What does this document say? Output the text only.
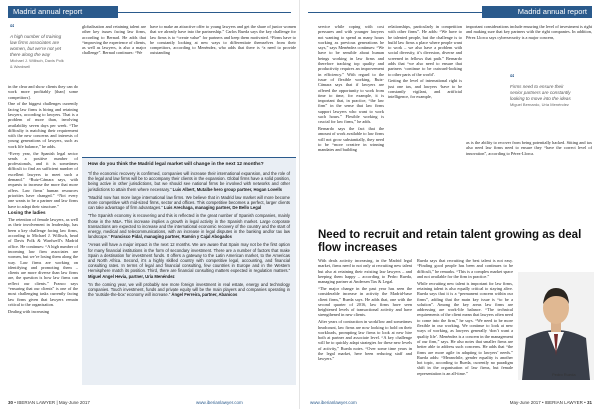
Madrid annual report
“
A high number of training law firms associates are women, but we’re not yet there along the way
Michael J. Willisch, Davis Polk & Wardwell

in the clear and show clients they can do work more profitably [than] some competitors].

One of the biggest challenges currently facing law firms is hiring and retaining lawyers, according to lawyers. That is a problem of more than, involving availability seven days per week. “The difficulty is matching their requirement with the new concerns and interests of young generations of lawyers, such as work life balance,” he adds.

“Every year, the Spanish legal sector sends a positive number of professionals, and it is sometimes difficult to find an sufficient number of excellent lawyers to meet such a demand.” “Ruiz-Cámara says, with requests to increase the more that more offers. Law firms’ human resources priorities have changed.” “Not every one wants to be a partner and law firms have to adapt their structure.”

Losing the ladies

The retention of female lawyers, as well as their involvement in leadership, has been a key challenge facing law firms, according to Michael J. Willisch, head of Davis Polk & Wardwell’s Madrid office. He continues: “A high number of incoming law firm associates are women, but we’re losing them along the way. Law firms are working on identifying and promoting them – clients are more diverse than law firms are, the question is how law firms can reflect our clients.” Franco says “ensuring that our clients” is one of the most challenging tasks currently facing law firms given that lawyers remain critical to the organisation.

Dealing with increasing

globalisation and retaining talent are other key issues facing law firms, according to Bernad. He adds that “improving the experience of clients, as well as lawyers, is also a major challenge”. Bernad continues: “We

have to make an attractive offer to young lawyers and get the share of junior women that we already have into the partnership.” Carlos Rueda says the key challenge for law firms is to “create value” for partners and keep them motivated. “Firms have to be constantly looking at new ways to differentiate themselves from their competitors, according to Menéndez, who adds that there is “a need to provide outstanding

How do you think the Madrid legal market will change in the next 12 months?

“If the economic recovery is confirmed, companies will increase their international expansion, and the role of the legal and law firms will be to accompany their clients in the expansion. Global firms have a solid position, being active in other jurisdictions, but we should see national firms be involved with networks and other jurisdictions to attain them where necessary.” Luis Albert, Mutalbe hero group partner, Hogan Lovells

“Madrid now has more large international law firms. We believe that in Madrid law market will more become more competitive with mid-sized firms, sector and offices. This competitive becomes a perfect, larger clients can take advantage of firm advantages.” Luis Arechaga, managing partner, De Bello Legal

“The Spanish economy is recovering and this is reflected in the great number of Spanish companies, mainly those in the M&A. This increase implies a growth in legal activity in the Spanish market. Large corporate transactions are expected to increase and the international economic recovery of the country and the start of energy, medical and telecommunications, with an increase in legal disputes in the banking and/or tax law landscape.” Francisco Pidal, managing partner, Ramón y Cajal Abogados

“Areas will have a major impact in the next 12 months. We are aware that Spain may not be the first option for many financial institutions in the form of secondary investment. There are a number of factors that make Spain a destination for investment funds. It offers a gateway to the Latin American market, to the Americas and North Africa. Second, it’s a highly skilled country with competitive legal, accounting, and financial consulting rates. In terms of legal and financial consulting, few countries in Europe and in the Western Hemisphere match its position. Third, there are financial consulting matters expected in regulation matters.” Miguel Angel Hevia, partner, Uría Menéndez

“In the coming year, we will probably see more foreign investment in real estate, energy and technology companies. Touch investment, funds and private equity will be the main players and companies operating in the ‘outside-the-box’ economy will increase.” Ángel Ferreira, partner, Abanicos

30 • IBERIAN LAWYER | May-June 2017	www.iberianlawyer.com
Madrid annual report

service while coping with cost pressures and with younger lawyers not wanting to spend as many hours working as previous generations he says,” says Menéndez continues: “We have to be sensible about human beings working in law firms and therefore tracking top quality and productivity requires an improvement in efficiency.” With regard to the issue of flexible working, Ruiz-Cámara says that if lawyers are offered the opportunity to work from time to time, for example, it is important that, in practice, “the law firm” in the sense that law firms support lawyers who want to work such hours.” Flexible working is crucial for law firms,” he adds.

Bernardo says the fact that the amount of work available to law firms will not grow substantially, they need to be “more creative in winning mandates and building

relationships, particularly in competition with other firms”. He adds: “We have to be talented people, but the challenge is to build law firms a place where people want to work – we also have a problem with social diversity, it’s diversion, diverse and screened in fellows that path.” Bernardo adds that “we also need to ensure that partners ‘continue to be outward-looking to other parts of the world’.

Getting the level of international right is just one tax, and lawyers ‘have to be constantly vigilant, and artificial intelligence, for example,

important considerations include ensuring the level of investment is right and making sure that key partners with the right companies. In addition, Pérez Llorca says cybersecurity is a major concern,

“
Firms need to ensure their senior partners are constantly looking to move into the ideas
Miguel Bernardo, Uría Menéndez

as is the ability to recover from being potentially hacked. Sitting and tax also need law firms need to ensure they “have the correct level of innovation”, according to Pérez-Llorca.

Need to recruit and retain talent growing as deal flow increases

With deals activity increasing, in the Madrid legal market, firms need to not only at recruiting new talent but also at retaining their existing law lawyers – and keeping them happy – according to Pedro Rueda, managing partner at Andersen Tax & Legal.

“The major change in the past year has seen the considerable increase in activity the Madrid-base client firms,” Rueda says. He adds that, one with the second quarter of 2016, law firms have seen heightened levels of transactional activity and have strengthened in new clients.

After years of contraction in workflow and sometimes headcount, law firms are now looking to hold on their workloads, prompting law firms to look at new hire both at partner and associate level. “A key challenge will be to quickly adapt strategies for these new levels of activity,” Rueda notes. “Over some time years in the legal market, here been reducing staff and lawyers.”

Rueda says that recruiting the best talent is not easy. “Finding good people has been and continues to be difficult,” he remarks. “This is a complex market space and not available for the firm in practice.”

While recruiting new talent is important for law firms, retaining talent is also equally critical to staying alive. Rueda says that it is a “permanent concern within our firms”, adding that the main key issue is “to be a solution”. Among the key areas law firms are addressing are work-life balance. “The technical requirements of the client mean that lawyers often need to come into the firm,” he says. “We need to be more flexible in our working. We continue to look at new ways of working, as lawyers generally ‘don’t want a quality life’. Menéndez is a concern in the management of our firm,” says. He also notes that smaller firms are better able to address such concerns. He adds that “the firms are more agile in adapting to lawyers’ needs.” Rueda adds: “Meanwhile, gender equality is another hot topic, according to Rueda, currently no paradigm shift in the organisation of law firms, but female representation is an all-time.”	Pedro Rueda
www.iberianlawyer.com	May-June 2017 • IBERIAN LAWYER • 31
